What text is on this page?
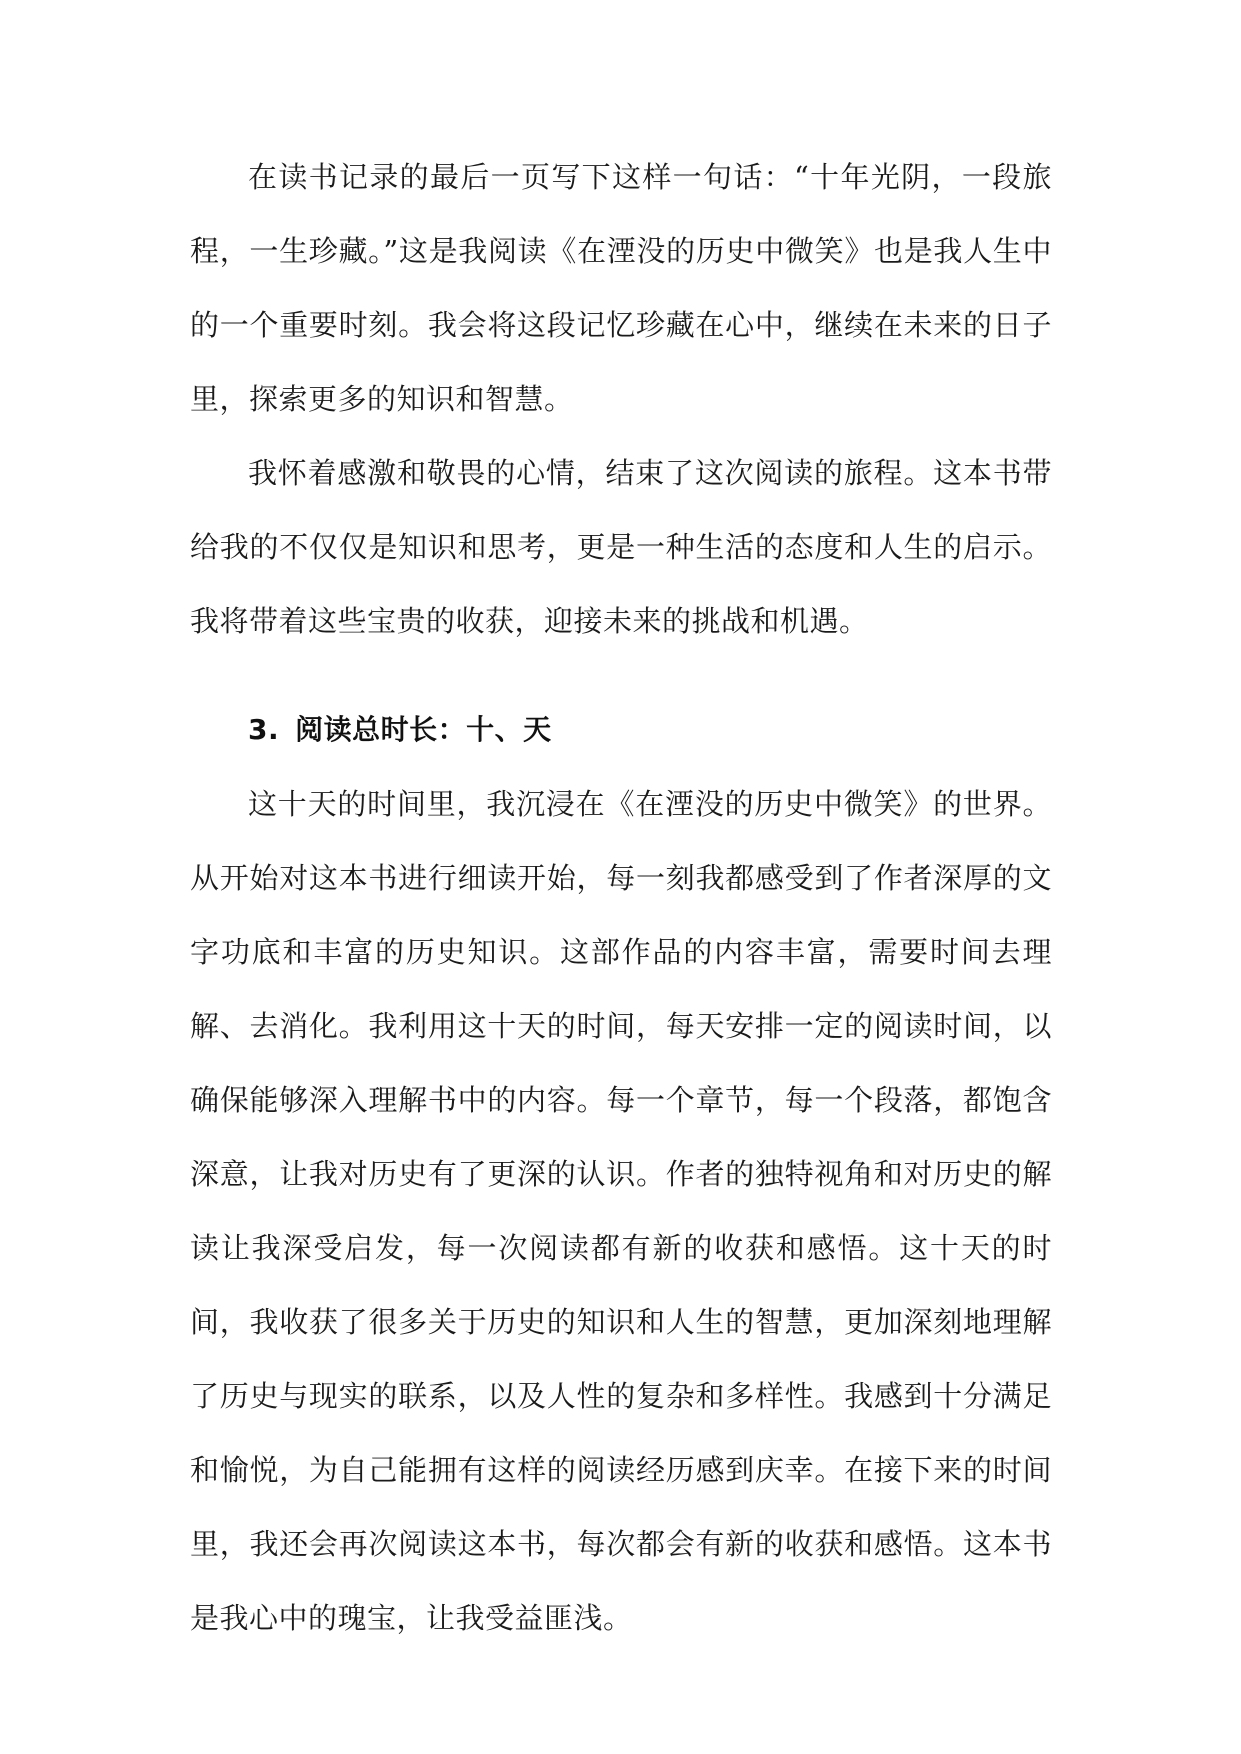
在读书记录的最后一页写下这样一句话：“十年光阴，一段旅程，一生珍藏。”这是我阅读《在湮没的历史中微笑》也是我人生中的一个重要时刻。我会将这段记忆珍藏在心中，继续在未来的日子里，探索更多的知识和智慧。

我怀着感激和敬畏的心情，结束了这次阅读的旅程。这本书带给我的不仅仅是知识和思考，更是一种生活的态度和人生的启示。我将带着这些宝贵的收获，迎接未来的挑战和机遇。

3. 阅读总时长：十、天

这十天的时间里，我沉浸在《在湮没的历史中微笑》的世界。从开始对这本书进行细读开始，每一刻我都感受到了作者深厚的文字功底和丰富的历史知识。这部作品的内容丰富，需要时间去理解、去消化。我利用这十天的时间，每天安排一定的阅读时间，以确保能够深入理解书中的内容。每一个章节，每一个段落，都饱含深意，让我对历史有了更深的认识。作者的独特视角和对历史的解读让我深受启发，每一次阅读都有新的收获和感悟。这十天的时间，我收获了很多关于历史的知识和人生的智慧，更加深刻地理解了历史与现实的联系，以及人性的复杂和多样性。我感到十分满足和愉悦，为自己能拥有这样的阅读经历感到庆幸。在接下来的时间里，我还会再次阅读这本书，每次都会有新的收获和感悟。这本书是我心中的瑰宝，让我受益匪浅。
